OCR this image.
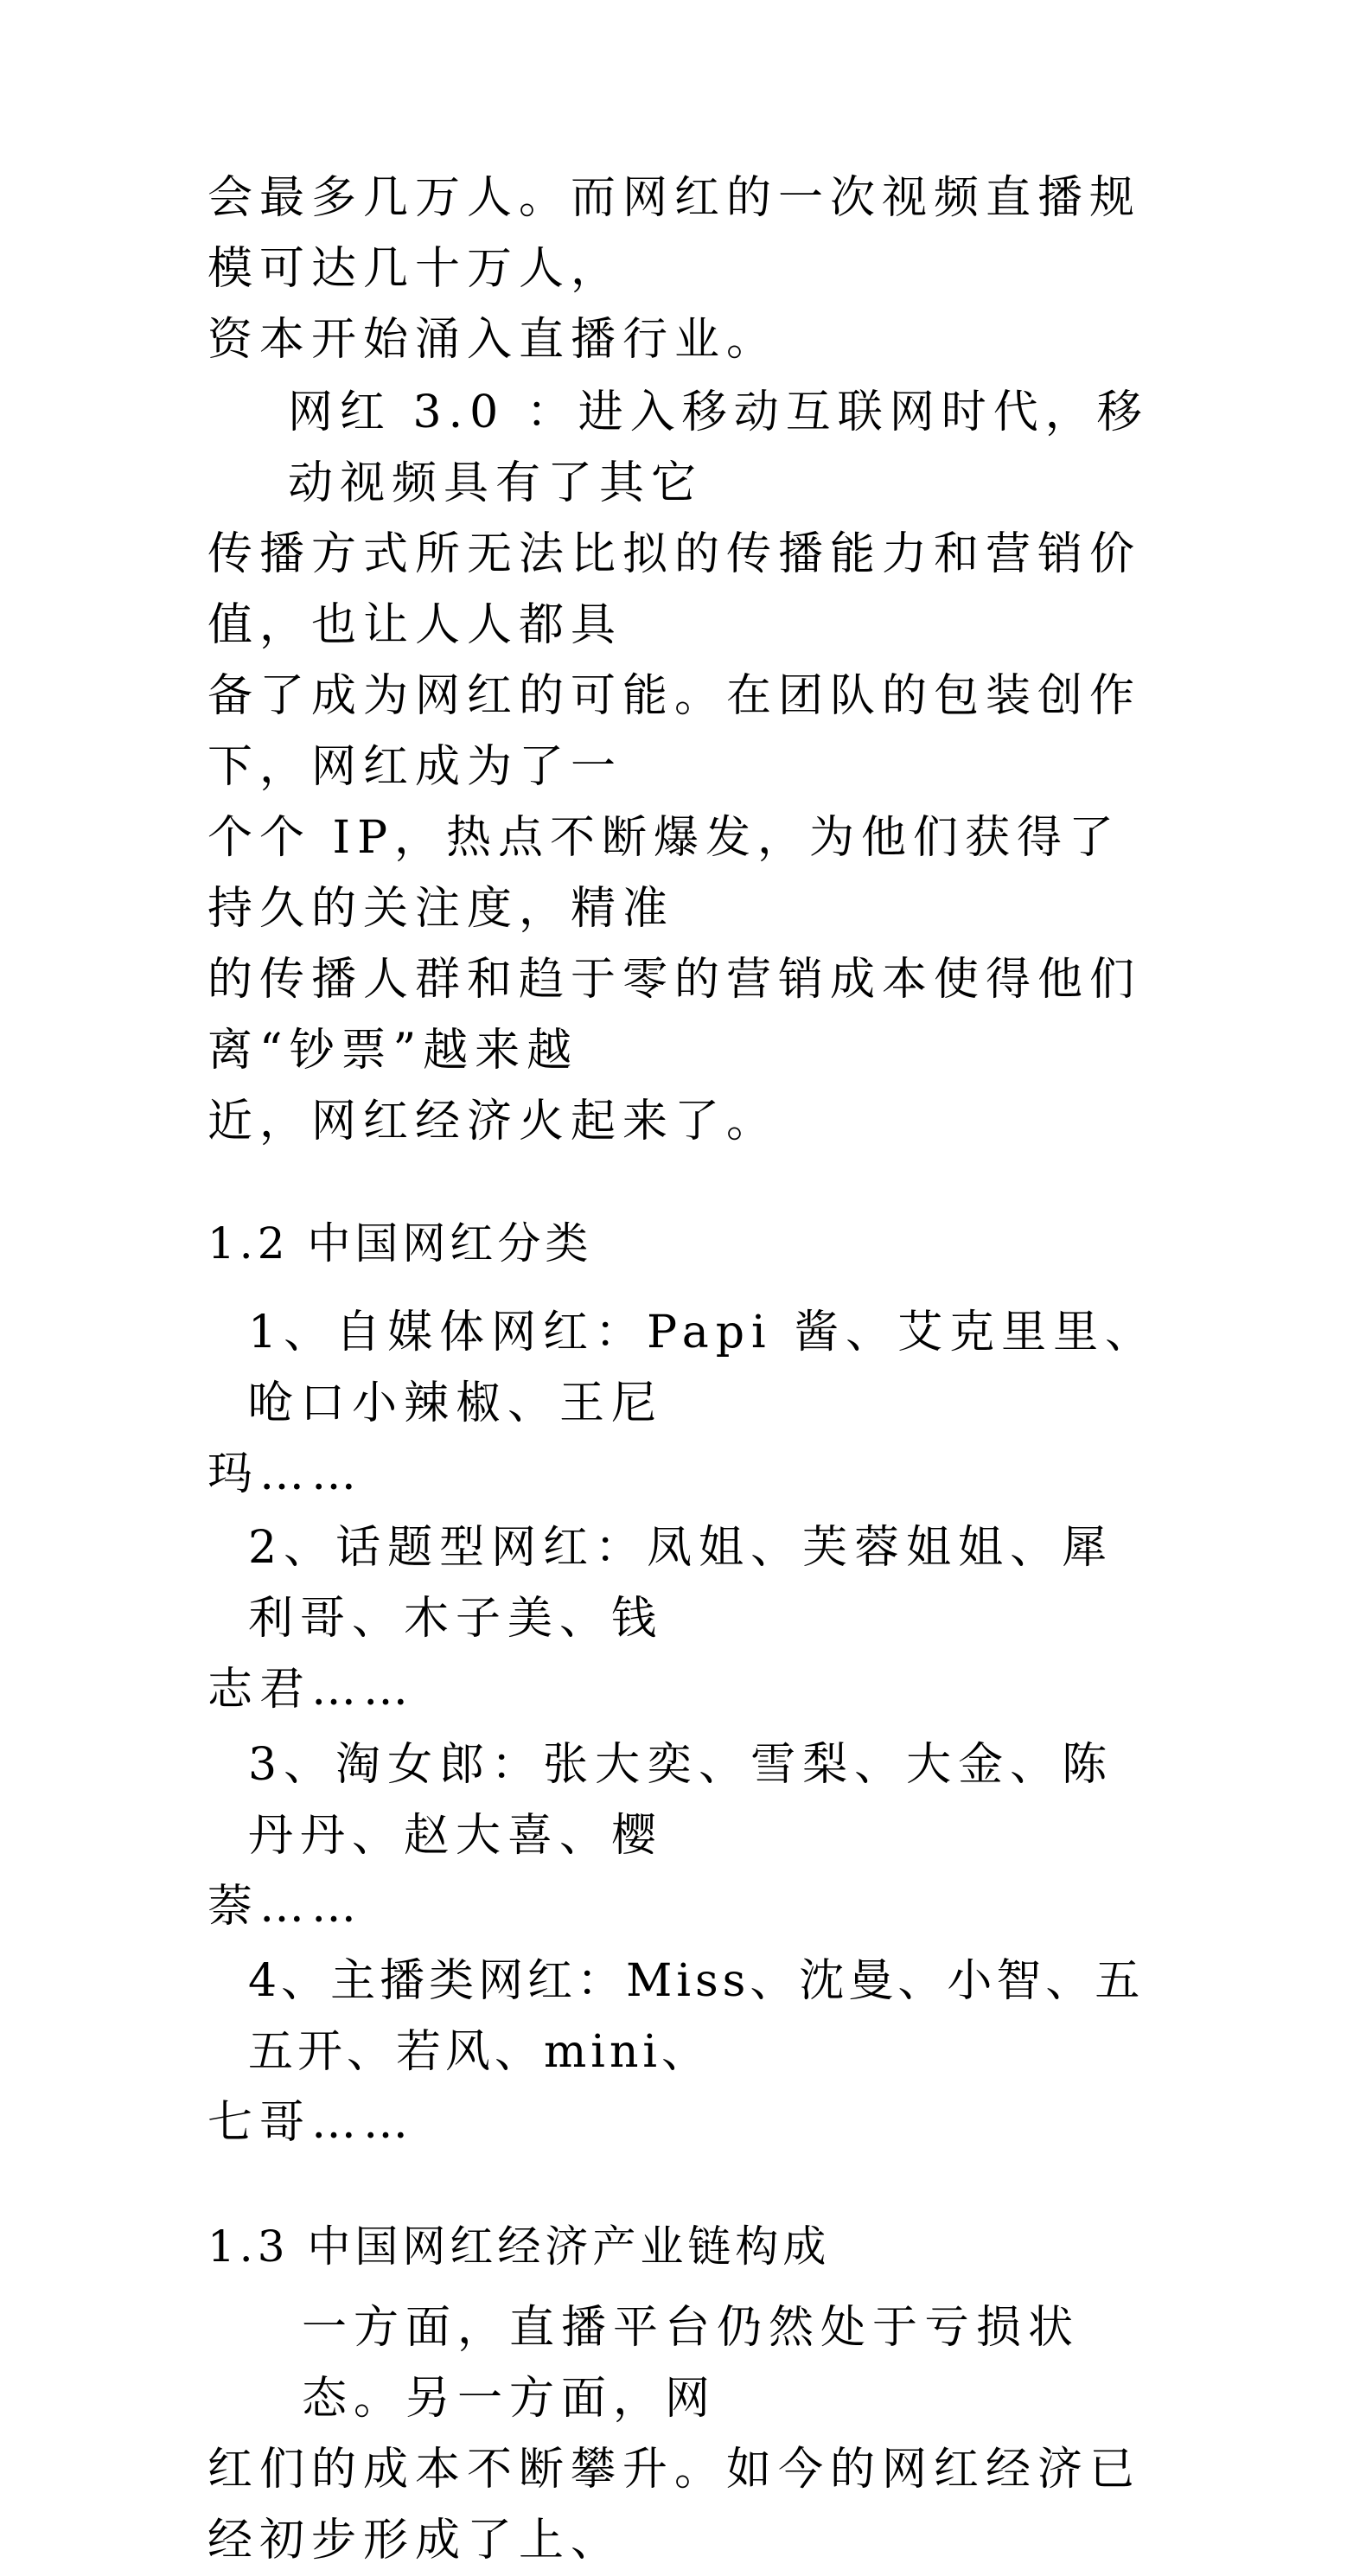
会最多几万人。而网红的一次视频直播规模可达几十万人，
资本开始涌入直播行业。
网红 3.0 ：进入移动互联网时代，移动视频具有了其它
传播方式所无法比拟的传播能力和营销价值，也让人人都具
备了成为网红的可能。在团队的包装创作下，网红成为了一
个个 IP，热点不断爆发，为他们获得了持久的关注度，精准
的传播人群和趋于零的营销成本使得他们离“钞票”越来越
近，网红经济火起来了。
1.2 中国网红分类
1、自媒体网红：Papi 酱、艾克里里、呛口小辣椒、王尼
玛……
2、话题型网红：凤姐、芙蓉姐姐、犀利哥、木子美、钱
志君……
3、淘女郎：张大奕、雪梨、大金、陈丹丹、赵大喜、樱
萘……
4、主播类网红：Miss、沈曼、小智、五五开、若风、mini、
七哥……
1.3 中国网红经济产业链构成
一方面，直播平台仍然处于亏损状态。另一方面，网
红们的成本不断攀升。如今的网红经济已经初步形成了上、
